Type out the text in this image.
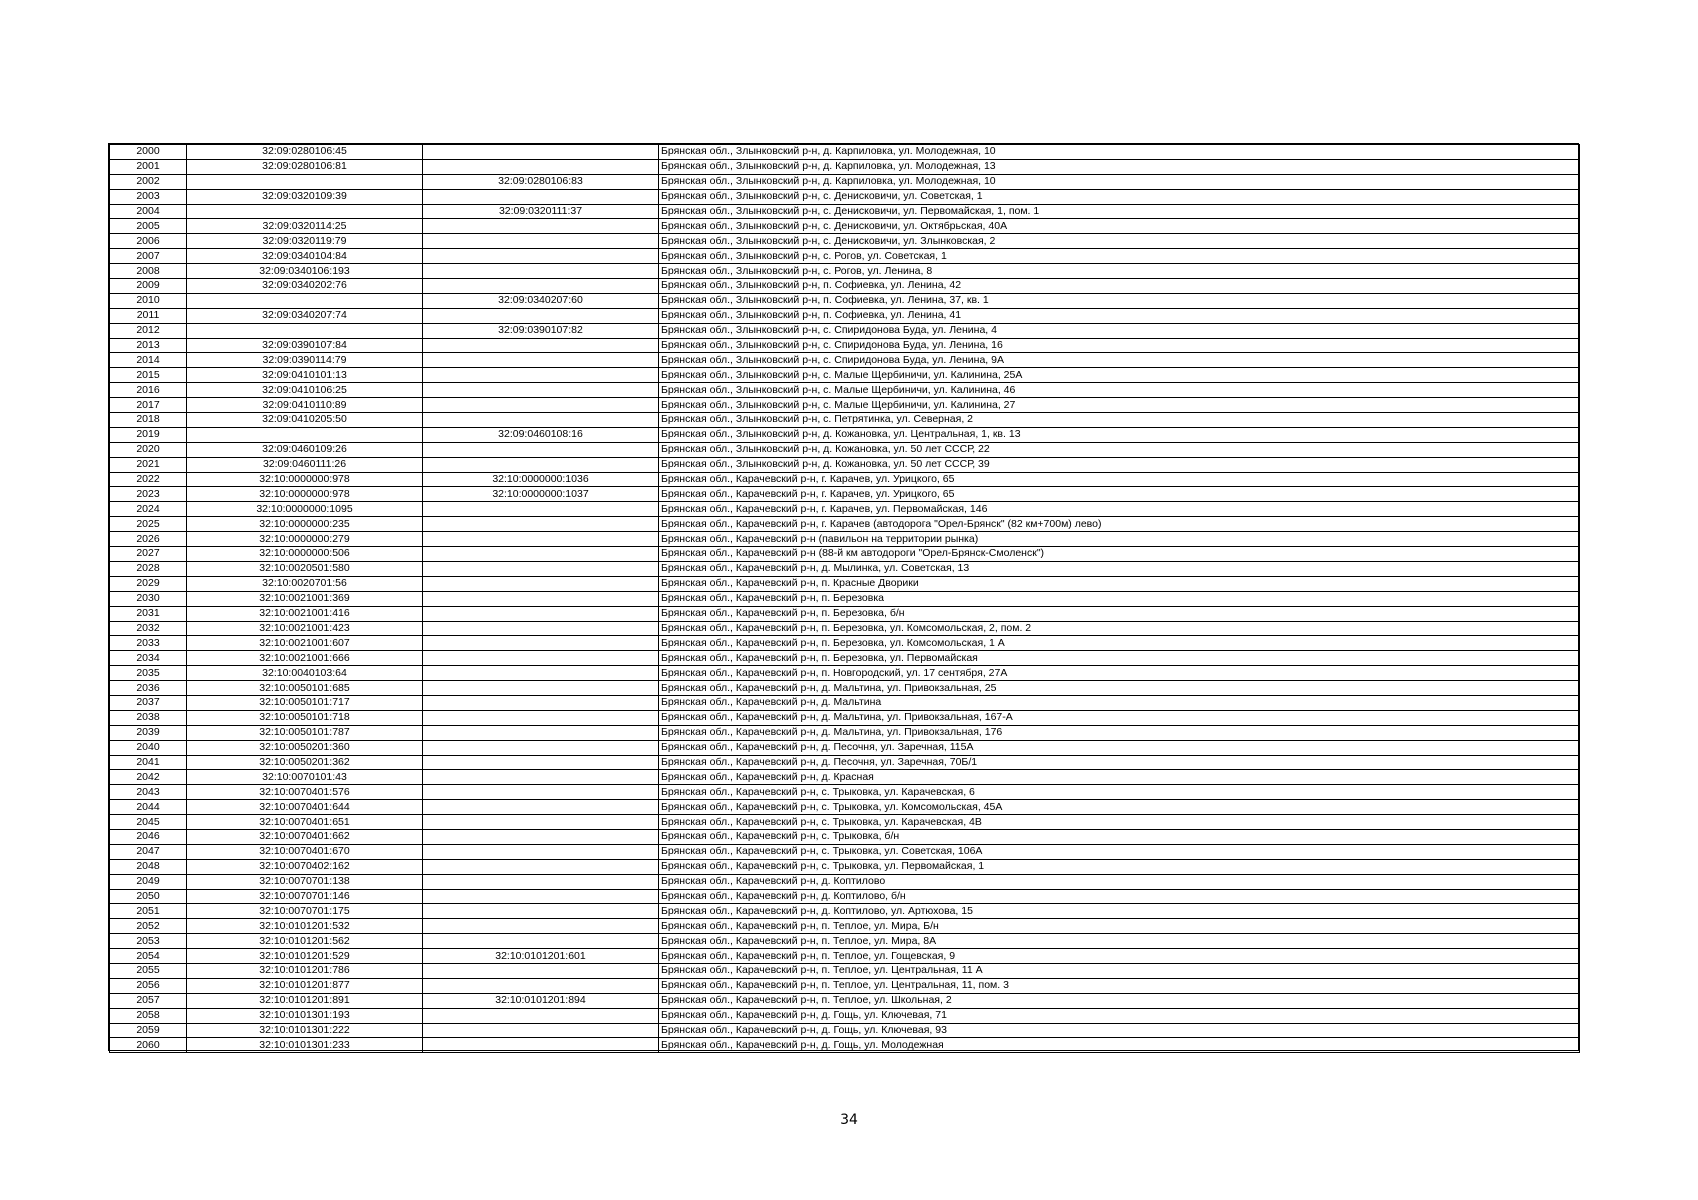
2000	32:09:0280106:45		Брянская обл., Злынковский р-н, д. Карпиловка, ул. Молодежная, 10
2001	32:09:0280106:81		Брянская обл., Злынковский р-н, д. Карпиловка, ул. Молодежная, 13
2002		32:09:0280106:83	Брянская обл., Злынковский р-н, д. Карпиловка, ул. Молодежная, 10
2003	32:09:0320109:39		Брянская обл., Злынковский р-н, с. Денисковичи, ул. Советская, 1
2004		32:09:0320111:37	Брянская обл., Злынковский р-н, с. Денисковичи, ул. Первомайская, 1, пом. 1
2005	32:09:0320114:25		Брянская обл., Злынковский р-н, с. Денисковичи, ул. Октябрьская, 40А
2006	32:09:0320119:79		Брянская обл., Злынковский р-н, с. Денисковичи, ул. Злынковская, 2
2007	32:09:0340104:84		Брянская обл., Злынковский р-н, с. Рогов, ул. Советская, 1
2008	32:09:0340106:193		Брянская обл., Злынковский р-н, с. Рогов, ул. Ленина, 8
2009	32:09:0340202:76		Брянская обл., Злынковский р-н, п. Софиевка, ул. Ленина, 42
2010		32:09:0340207:60	Брянская обл., Злынковский р-н, п. Софиевка, ул. Ленина, 37, кв. 1
2011	32:09:0340207:74		Брянская обл., Злынковский р-н, п. Софиевка, ул. Ленина, 41
2012		32:09:0390107:82	Брянская обл., Злынковский р-н, с. Спиридонова Буда, ул. Ленина, 4
2013	32:09:0390107:84		Брянская обл., Злынковский р-н, с. Спиридонова Буда, ул. Ленина, 16
2014	32:09:0390114:79		Брянская обл., Злынковский р-н, с. Спиридонова Буда, ул. Ленина, 9А
2015	32:09:0410101:13		Брянская обл., Злынковский р-н, с. Малые Щербиничи, ул. Калинина, 25А
2016	32:09:0410106:25		Брянская обл., Злынковский р-н, с. Малые Щербиничи, ул. Калинина, 46
2017	32:09:0410110:89		Брянская обл., Злынковский р-н, с. Малые Щербиничи, ул. Калинина, 27
2018	32:09:0410205:50		Брянская обл., Злынковский р-н, с. Петрятинка, ул. Северная, 2
2019		32:09:0460108:16	Брянская обл., Злынковский р-н, д. Кожановка, ул. Центральная, 1, кв. 13
2020	32:09:0460109:26		Брянская обл., Злынковский р-н, д. Кожановка, ул. 50 лет СССР, 22
2021	32:09:0460111:26		Брянская обл., Злынковский р-н, д. Кожановка, ул. 50 лет СССР, 39
2022	32:10:0000000:978	32:10:0000000:1036	Брянская обл., Карачевский р-н, г. Карачев, ул. Урицкого, 65
2023	32:10:0000000:978	32:10:0000000:1037	Брянская обл., Карачевский р-н, г. Карачев, ул. Урицкого, 65
2024	32:10:0000000:1095		Брянская обл., Карачевский р-н, г. Карачев, ул. Первомайская, 146
2025	32:10:0000000:235		Брянская обл., Карачевский р-н, г. Карачев (автодорога "Орел-Брянск" (82 км+700м) лево)
2026	32:10:0000000:279		Брянская обл., Карачевский р-н (павильон на территории рынка)
2027	32:10:0000000:506		Брянская обл., Карачевский р-н (88-й км автодороги "Орел-Брянск-Смоленск")
2028	32:10:0020501:580		Брянская обл., Карачевский р-н, д. Мылинка, ул. Советская, 13
2029	32:10:0020701:56		Брянская обл., Карачевский р-н, п. Красные Дворики
2030	32:10:0021001:369		Брянская обл., Карачевский р-н, п. Березовка
2031	32:10:0021001:416		Брянская обл., Карачевский р-н, п. Березовка, б/н
2032	32:10:0021001:423		Брянская обл., Карачевский р-н, п. Березовка, ул. Комсомольская, 2, пом. 2
2033	32:10:0021001:607		Брянская обл., Карачевский р-н, п. Березовка, ул. Комсомольская, 1 А
2034	32:10:0021001:666		Брянская обл., Карачевский р-н, п. Березовка, ул. Первомайская
2035	32:10:0040103:64		Брянская обл., Карачевский р-н, п. Новгородский, ул. 17 сентября, 27А
2036	32:10:0050101:685		Брянская обл., Карачевский р-н, д. Мальтина, ул. Привокзальная, 25
2037	32:10:0050101:717		Брянская обл., Карачевский р-н, д. Мальтина
2038	32:10:0050101:718		Брянская обл., Карачевский р-н, д. Мальтина, ул. Привокзальная, 167-А
2039	32:10:0050101:787		Брянская обл., Карачевский р-н, д. Мальтина, ул. Привокзальная, 176
2040	32:10:0050201:360		Брянская обл., Карачевский р-н, д. Песочня, ул. Заречная, 115А
2041	32:10:0050201:362		Брянская обл., Карачевский р-н, д. Песочня, ул. Заречная, 70Б/1
2042	32:10:0070101:43		Брянская обл., Карачевский р-н, д. Красная
2043	32:10:0070401:576		Брянская обл., Карачевский р-н, с. Трыковка, ул. Карачевская, 6
2044	32:10:0070401:644		Брянская обл., Карачевский р-н, с. Трыковка, ул. Комсомольская, 45А
2045	32:10:0070401:651		Брянская обл., Карачевский р-н, с. Трыковка, ул. Карачевская, 4В
2046	32:10:0070401:662		Брянская обл., Карачевский р-н, с. Трыковка, б/н
2047	32:10:0070401:670		Брянская обл., Карачевский р-н, с. Трыковка, ул. Советская, 106А
2048	32:10:0070402:162		Брянская обл., Карачевский р-н, с. Трыковка, ул. Первомайская, 1
2049	32:10:0070701:138		Брянская обл., Карачевский р-н, д. Коптилово
2050	32:10:0070701:146		Брянская обл., Карачевский р-н, д. Коптилово, б/н
2051	32:10:0070701:175		Брянская обл., Карачевский р-н, д. Коптилово, ул. Артюхова, 15
2052	32:10:0101201:532		Брянская обл., Карачевский р-н, п. Теплое, ул. Мира, Б/н
2053	32:10:0101201:562		Брянская обл., Карачевский р-н, п. Теплое, ул. Мира, 8А
2054	32:10:0101201:529	32:10:0101201:601	Брянская обл., Карачевский р-н, п. Теплое, ул. Гощевская, 9
2055	32:10:0101201:786		Брянская обл., Карачевский р-н, п. Теплое, ул. Центральная, 11 А
2056	32:10:0101201:877		Брянская обл., Карачевский р-н, п. Теплое, ул. Центральная, 11, пом. 3
2057	32:10:0101201:891	32:10:0101201:894	Брянская обл., Карачевский р-н, п. Теплое, ул. Школьная, 2
2058	32:10:0101301:193		Брянская обл., Карачевский р-н, д. Гощь, ул. Ключевая, 71
2059	32:10:0101301:222		Брянская обл., Карачевский р-н, д. Гощь, ул. Ключевая, 93
2060	32:10:0101301:233		Брянская обл., Карачевский р-н, д. Гощь, ул. Молодежная
34
